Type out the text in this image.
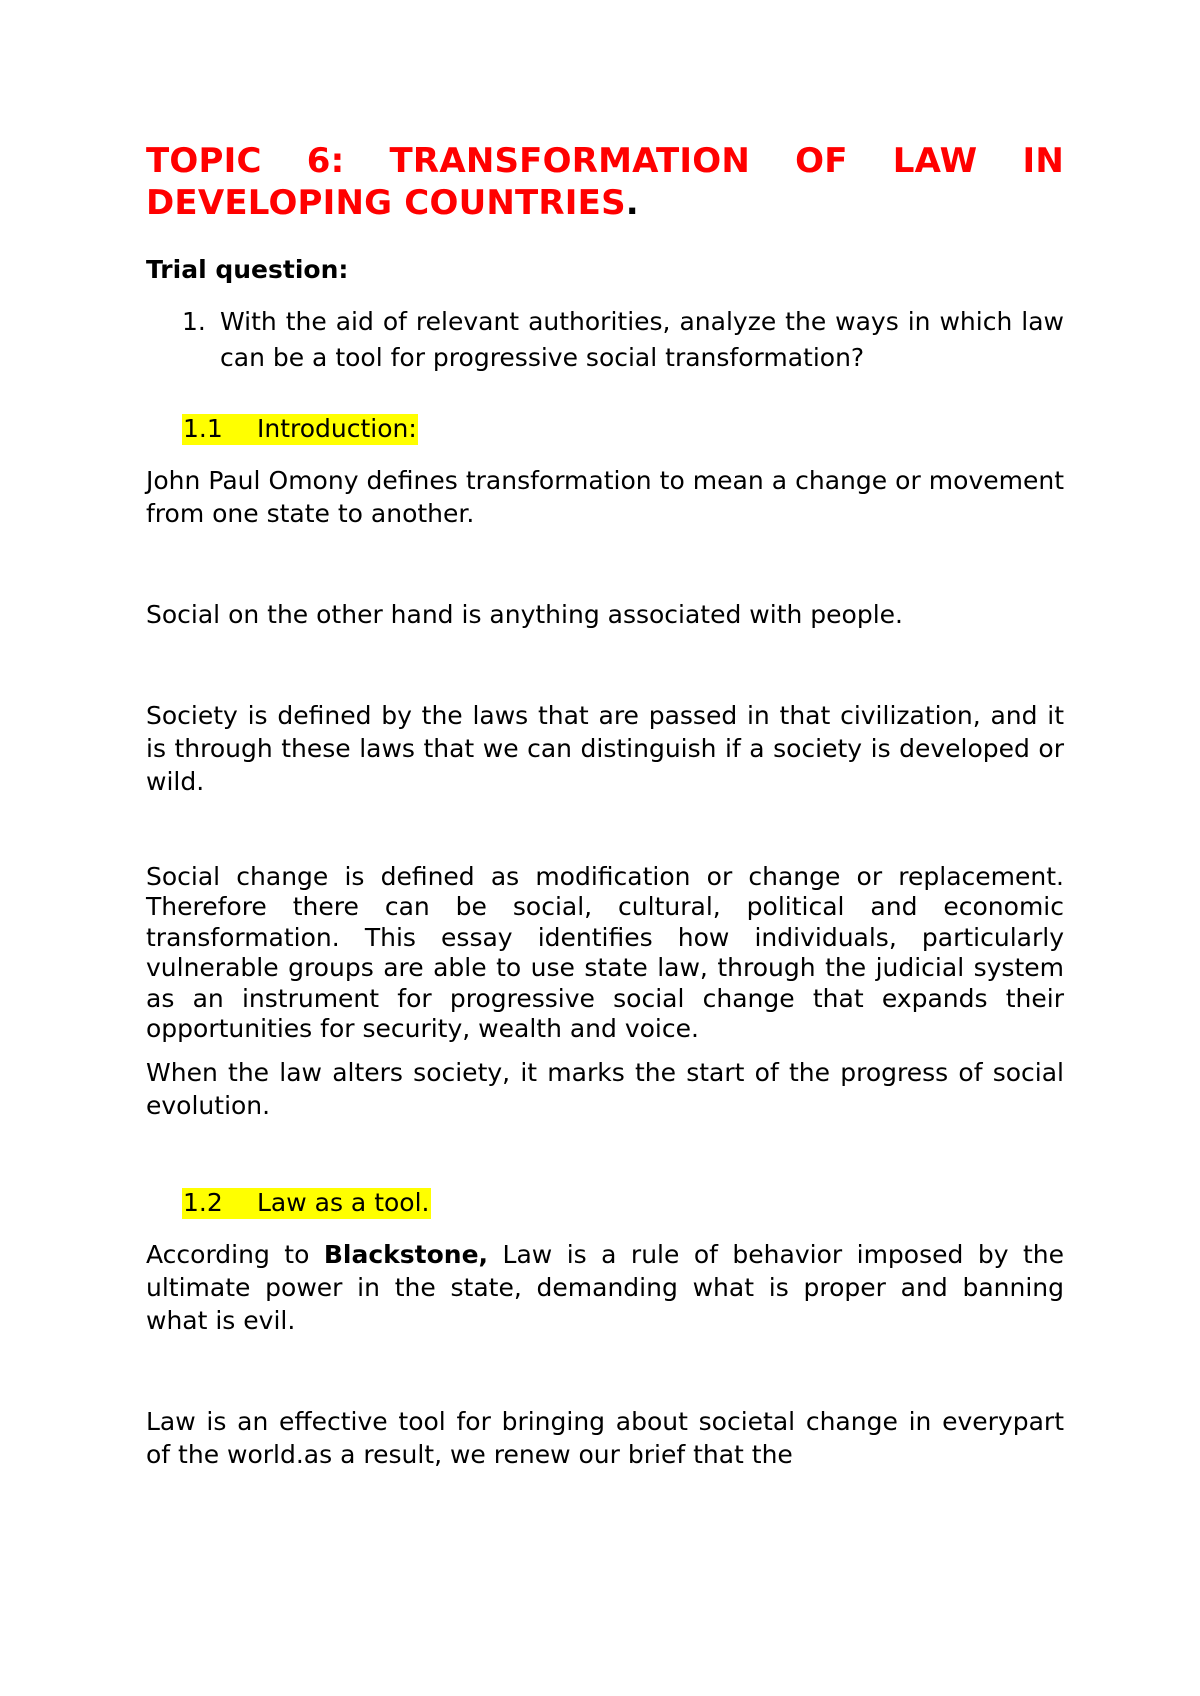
TOPIC 6: TRANSFORMATION OF LAW IN DEVELOPING COUNTRIES.

Trial question:

1. With the aid of relevant authorities, analyze the ways in which law can be a tool for progressive social transformation?
1.1 Introduction:

John Paul Omony defines transformation to mean a change or movement from one state to another.

Social on the other hand is anything associated with people.

Society is defined by the laws that are passed in that civilization, and it is through these laws that we can distinguish if a society is developed or wild.

Social change is defined as modification or change or replacement. Therefore there can be social, cultural, political and economic transformation. This essay identifies how individuals, particularly vulnerable groups are able to use state law, through the judicial system as an instrument for progressive social change that expands their opportunities for security, wealth and voice.

When the law alters society, it marks the start of the progress of social evolution.

1.2 Law as a tool.

According to Blackstone, Law is a rule of behavior imposed by the ultimate power in the state, demanding what is proper and banning what is evil.

Law is an effective tool for bringing about societal change in everypart of the world.as a result, we renew our brief that the
